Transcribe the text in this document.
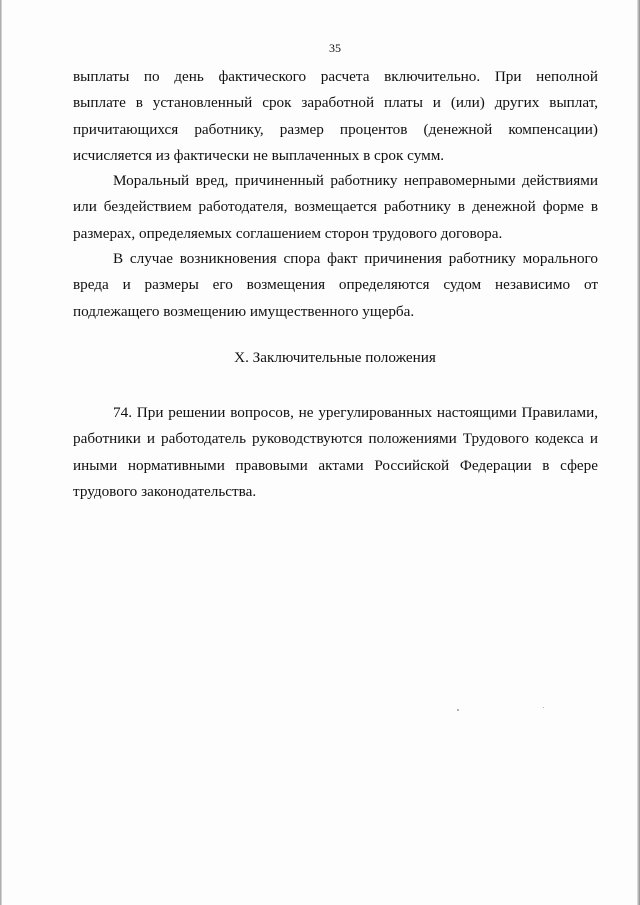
35
выплаты по день фактического расчета включительно. При неполной
выплате в установленный срок заработной платы и (или) других выплат,
причитающихся работнику, размер процентов (денежной компенсации)
исчисляется из фактически не выплаченных в срок сумм.
Моральный вред, причиненный работнику неправомерными действиями
или бездействием работодателя, возмещается работнику в денежной форме в
размерах, определяемых соглашением сторон трудового договора.
В случае возникновения спора факт причинения работнику морального
вреда и размеры его возмещения определяются судом независимо от
подлежащего возмещению имущественного ущерба.
X. Заключительные положения
74. При решении вопросов, не урегулированных настоящими Правилами,
работники и работодатель руководствуются положениями Трудового кодекса и
иными нормативными правовыми актами Российской Федерации в сфере
трудового законодательства.
